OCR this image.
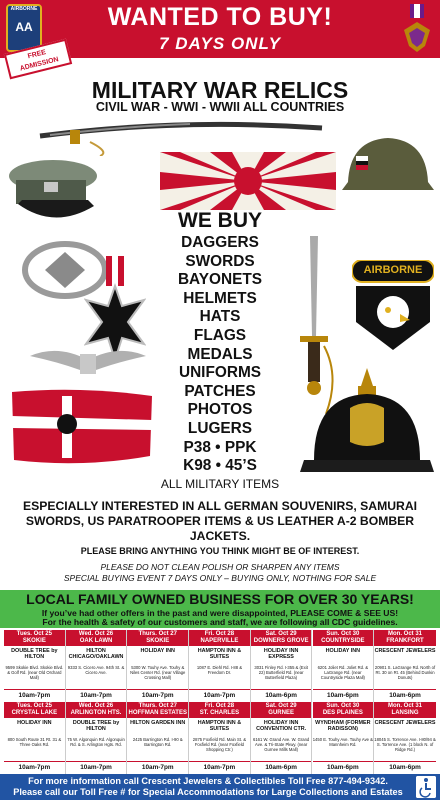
AIRBORNE
AA	WANTED TO BUY!
7 DAYS ONLY
FREE ADMISSION
MILITARY WAR RELICS
CIVIL WAR - WWI - WWII ALL COUNTRIES
AIRBORNE
WE BUY
DAGGERS
SWORDS
BAYONETS
HELMETS
HATS
FLAGS
MEDALS
UNIFORMS
PATCHES
PHOTOS
LUGERS
P38 • PPK
K98 • 45’S
ALL MILITARY ITEMS
ESPECIALLY INTERESTED IN ALL GERMAN SOUVENIRS, SAMURAI SWORDS, US PARATROOPER ITEMS & US LEATHER A-2 BOMBER JACKETS.
PLEASE BRING ANYTHING YOU THINK MIGHT BE OF INTEREST.
PLEASE DO NOT CLEAN POLISH OR SHARPEN ANY ITEMS
SPECIAL BUYING EVENT 7 DAYS ONLY – BUYING ONLY, NOTHING FOR SALE
LOCAL FAMILY OWNED BUSINESS FOR OVER 30 YEARS!
If you’ve had other offers in the past and were disappointed, PLEASE COME & SEE US!
For the health & safety of our customers and staff, we are following all CDC guidelines.
Tues. Oct 25
SKOKIE
DOUBLE TREE by HILTON
9599 Skokie Blvd. Skokie Blvd. & Golf Rd. (near Old Orchard Mall)
10am-7pm
Wed. Oct 26
OAK LAWN
HILTON CHICAGO/OAKLAWN
9333 S. Cicero Ave. 94th St. & Cicero Ave.
10am-7pm
Thurs. Oct 27
SKOKIE
HOLIDAY INN
5300 W. Touhy Ave. Touhy & Niles Center Rd. (near Village Crossing Mall)
10am-7pm
Fri. Oct 28
NAPERVILLE
HAMPTON INN & SUITES
1087 E. Diehl Rd. I-88 & Freedom Dr.
10am-7pm
Sat. Oct 29
DOWNERS GROVE
HOLIDAY INN EXPRESS
3031 Finley Rd. I-355 & (Exit 22) Butterfield Rd. (near Butterfield Plaza)
10am-6pm
Sun. Oct 30
COUNTRYSIDE
HOLIDAY INN
6201 Joliet Rd. Joliet Rd. & LaGrange Rd. (near Countryside Plaza Mall)
10am-6pm
Mon. Oct 31
FRANKFORT
CRESCENT JEWELERS
20901 S. LaGrange Rd. North of Rt. 30 on Rt. 45 (Behind Dunkin Donuts)
10am-6pm
Tues. Oct 25
CRYSTAL LAKE
HOLIDAY INN
800 South Route 31 Rt. 31 & Three Oaks Rd.
10am-7pm
Wed. Oct 26
ARLINGTON HTS.
DOUBLE TREE by HILTON
75 W. Algonquin Rd. Algonquin Rd. & S. Arlington Hgts. Rd.
10am-7pm
Thurs. Oct 27
HOFFMAN ESTATES
HILTON GARDEN INN
2425 Barrington Rd. I-90 & Barrington Rd.
10am-7pm
Fri. Oct 28
ST. CHARLES
HAMPTON INN & SUITES
2875 Foxfield Rd. Main St. & Foxfield Rd. (near Foxfield Shopping Ctr.)
10am-7pm
Sat. Oct 29
GURNEE
HOLIDAY INN CONVENTION CTR.
6161 W. Grand Ave. W. Grand Ave. & Tri-State Pkwy. (near Gurnee Mills Mall)
10am-6pm
Sun. Oct 30
DES PLAINES
WYNDHAM (FORMER RADISSON)
1450 E. Touhy Ave. Touhy Ave & Mannheim Rd.
10am-6pm
Mon. Oct 31
LANSING
CRESCENT JEWELERS
18045 S. Torrence Ave. I-80/94 & S. Torrence Ave. (1 block N. of Ridge Rd.)
10am-6pm
For more information call Crescent Jewelers & Collectibles Toll Free 877-494-9342.
Please call our Toll Free # for Special Accommodations for Large Collections and Estates
